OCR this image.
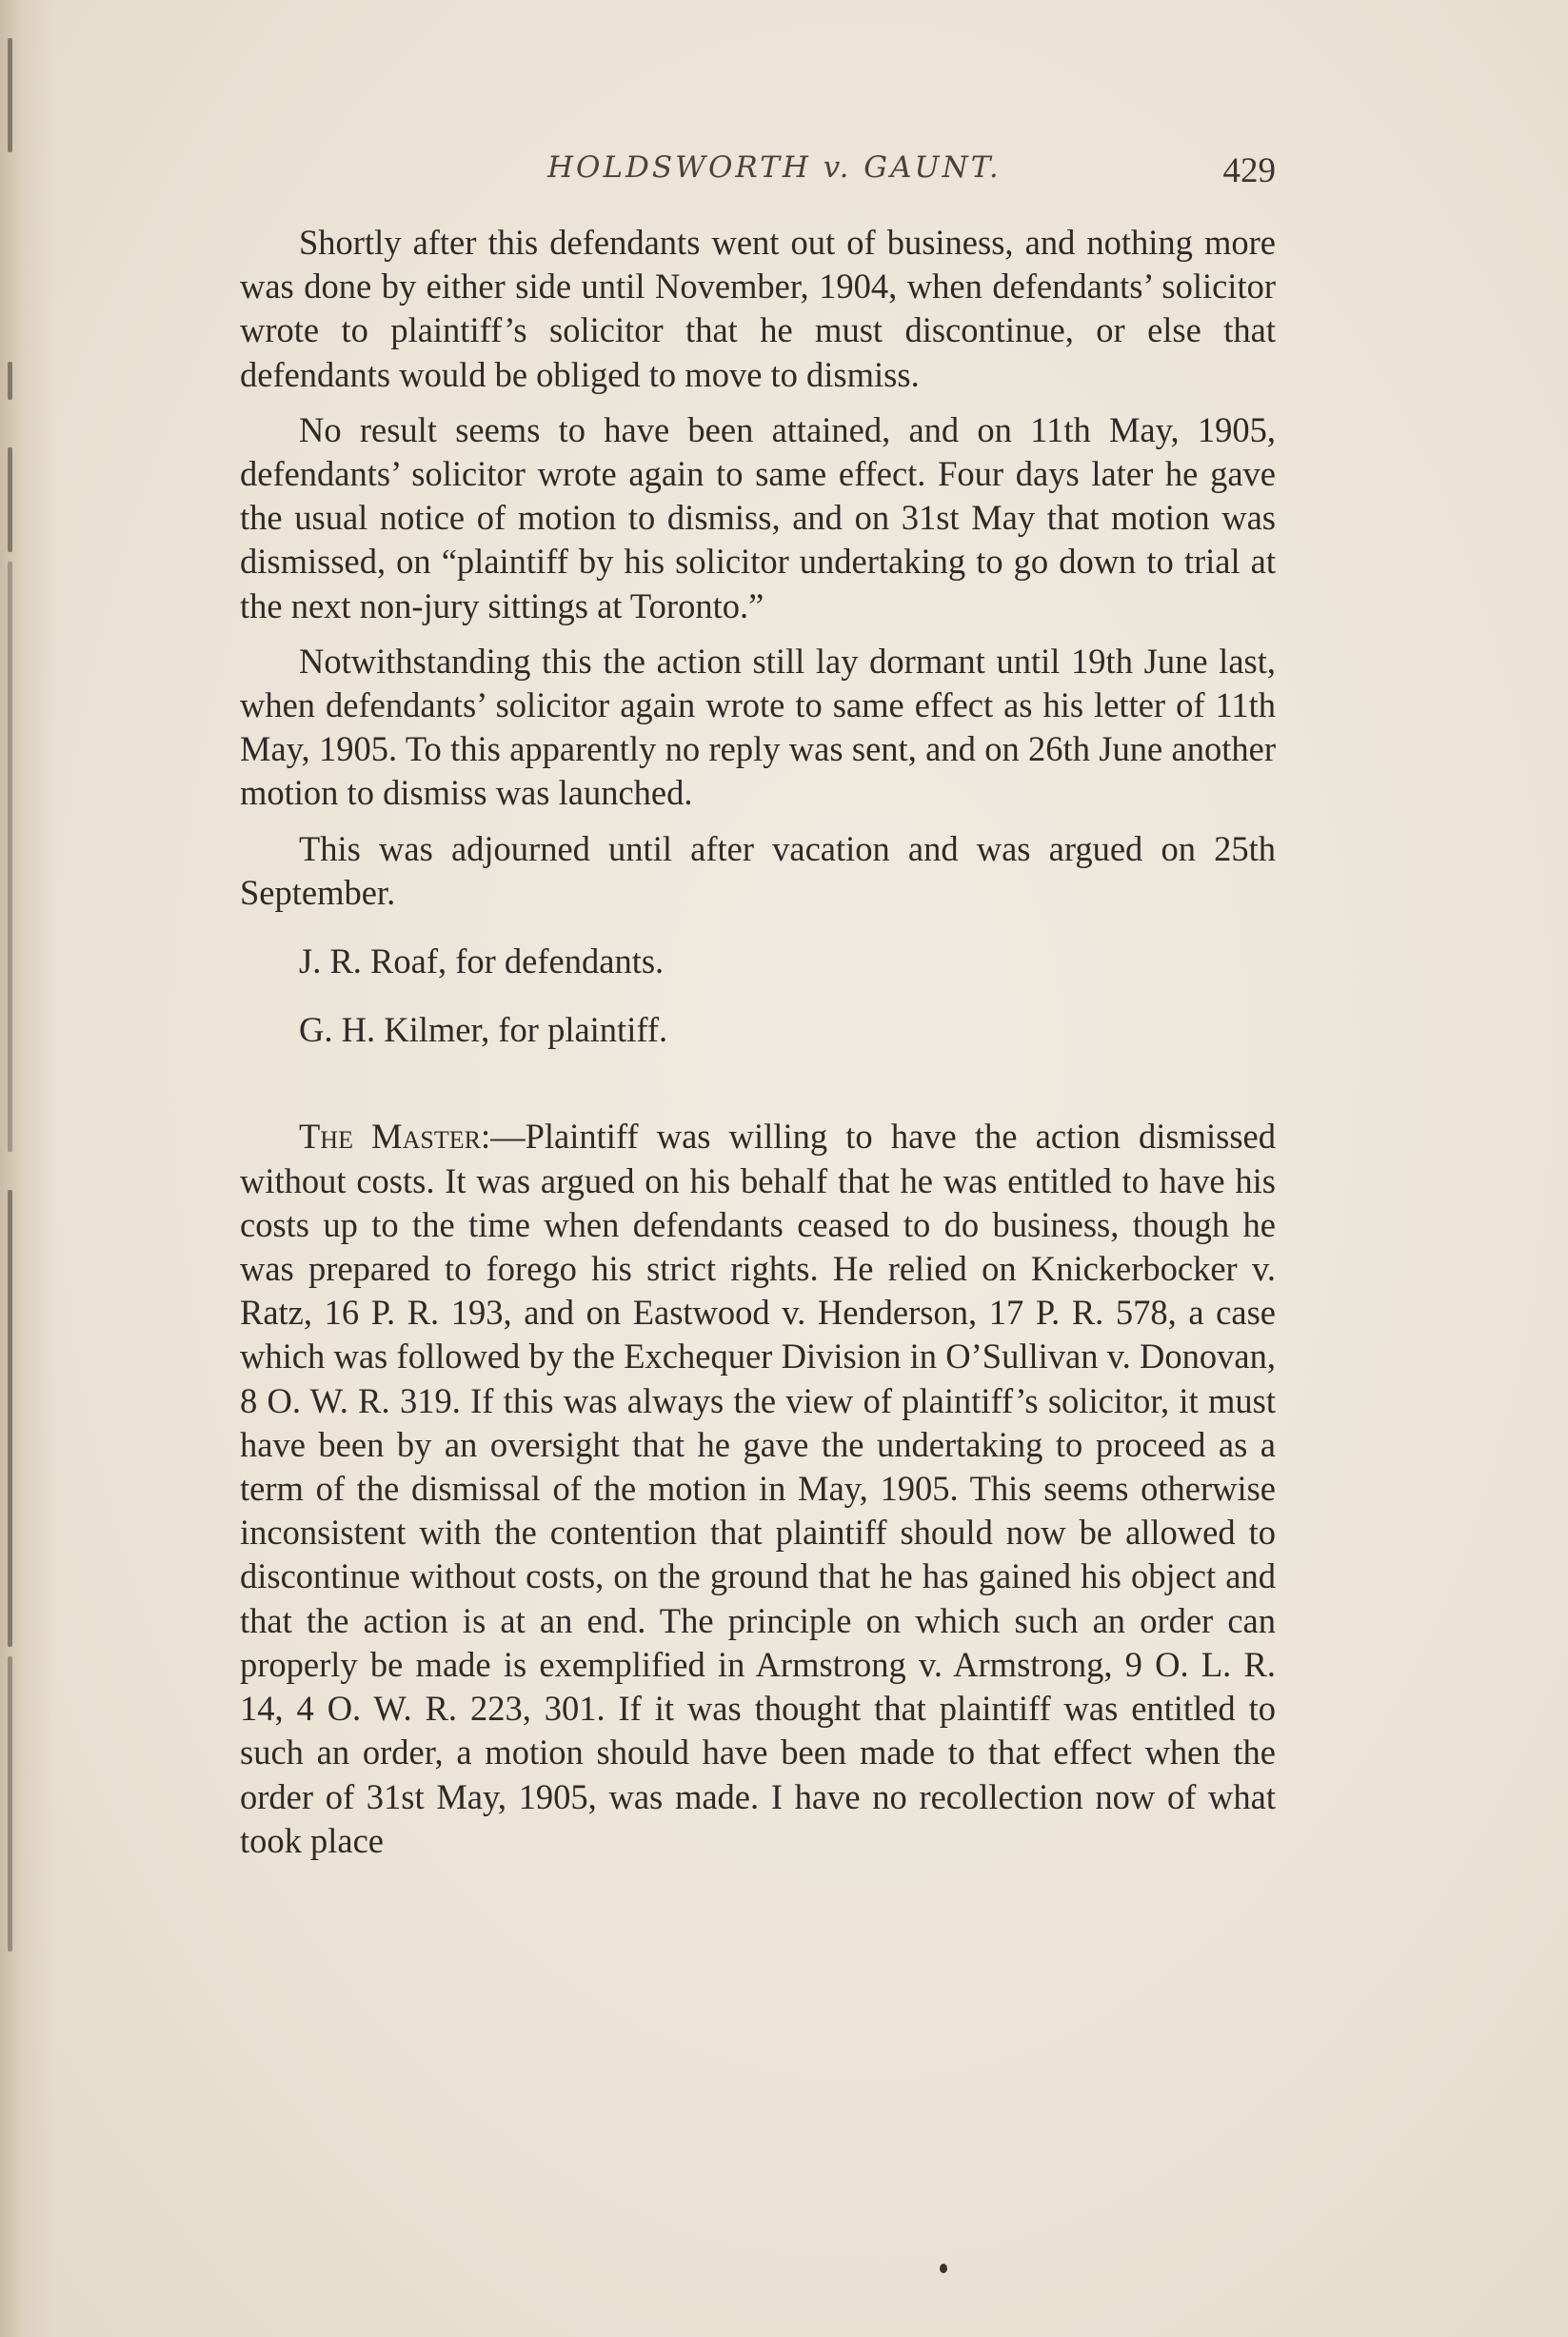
HOLDSWORTH v. GAUNT.	429

Shortly after this defendants went out of business, and nothing more was done by either side until November, 1904, when defendants’ solicitor wrote to plaintiff’s solicitor that he must discontinue, or else that defendants would be obliged to move to dismiss.

No result seems to have been attained, and on 11th May, 1905, defendants’ solicitor wrote again to same effect. Four days later he gave the usual notice of motion to dismiss, and on 31st May that motion was dismissed, on “plaintiff by his solicitor undertaking to go down to trial at the next non-jury sittings at Toronto.”

Notwithstanding this the action still lay dormant until 19th June last, when defendants’ solicitor again wrote to same effect as his letter of 11th May, 1905. To this apparently no reply was sent, and on 26th June another motion to dismiss was launched.

This was adjourned until after vacation and was argued on 25th September.

J. R. Roaf, for defendants.

G. H. Kilmer, for plaintiff.

The Master:—Plaintiff was willing to have the action dismissed without costs. It was argued on his behalf that he was entitled to have his costs up to the time when defendants ceased to do business, though he was prepared to forego his strict rights. He relied on Knickerbocker v. Ratz, 16 P. R. 193, and on Eastwood v. Henderson, 17 P. R. 578, a case which was followed by the Exchequer Division in O’Sullivan v. Donovan, 8 O. W. R. 319. If this was always the view of plaintiff’s solicitor, it must have been by an oversight that he gave the undertaking to proceed as a term of the dismissal of the motion in May, 1905. This seems otherwise inconsistent with the contention that plaintiff should now be allowed to discontinue without costs, on the ground that he has gained his object and that the action is at an end. The principle on which such an order can properly be made is exemplified in Armstrong v. Armstrong, 9 O. L. R. 14, 4 O. W. R. 223, 301. If it was thought that plaintiff was entitled to such an order, a motion should have been made to that effect when the order of 31st May, 1905, was made. I have no recollection now of what took place
